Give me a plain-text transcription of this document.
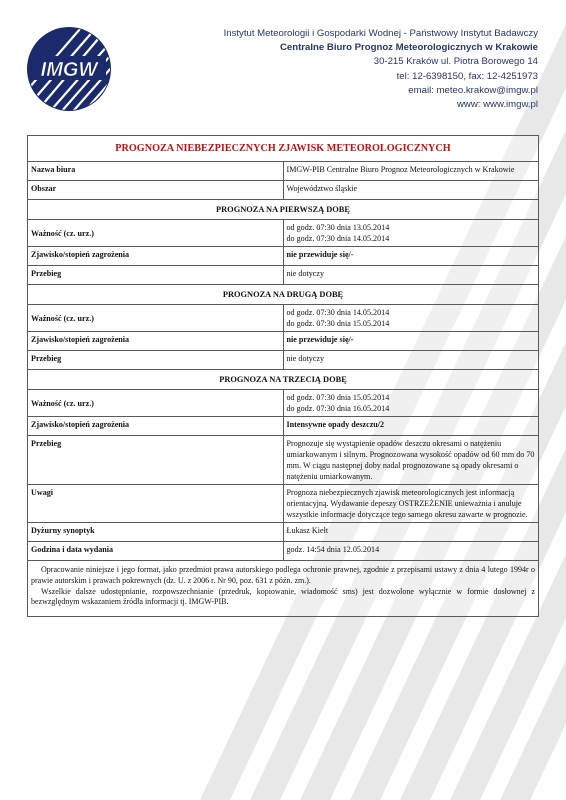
IMGW
Instytut Meteorologii i Gospodarki Wodnej - Państwowy Instytut Badawczy
Centralne Biuro Prognoz Meteorologicznych w Krakowie
30-215 Kraków ul. Piotra Borowego 14
tel: 12-6398150, fax: 12-4251973
email: meteo.krakow@imgw.pl
www: www.imgw.pl
PROGNOZA NIEBEZPIECZNYCH ZJAWISK METEOROLOGICZNYCH	
Nazwa biura	IMGW-PIB Centralne Biuro Prognoz Meteorologicznych w Krakowie
Obszar	Województwo śląskie
PROGNOZA NA PIERWSZĄ DOBĘ	
Ważność (cz. urz.)	od godz. 07:30 dnia 13.05.2014
do godz. 07:30 dnia 14.05.2014

Zjawisko/stopień zagrożenia	nie przewiduje się/-
Przebieg	nie dotyczy
PROGNOZA NA DRUGĄ DOBĘ	
Ważność (cz. urz.)	od godz. 07:30 dnia 14.05.2014
do godz. 07:30 dnia 15.05.2014

Zjawisko/stopień zagrożenia	nie przewiduje się/-
Przebieg	nie dotyczy
PROGNOZA NA TRZECIĄ DOBĘ	
Ważność (cz. urz.)	od godz. 07:30 dnia 15.05.2014
do godz. 07:30 dnia 16.05.2014

Zjawisko/stopień zagrożenia	Intensywne opady deszczu/2
Przebieg	Prognozuje się wystąpienie opadów deszczu okresami o natężeniu umiarkowanym i silnym. Prognozowana wysokość opadów od 60 mm do 70 mm. W ciągu następnej doby nadal prognozowane są opady okresami o natężeniu umiarkowanym.
Uwagi	Prognoza niebezpiecznych zjawisk meteorologicznych jest informacją orientacyjną. Wydawanie depeszy OSTRZEŻENIE unieważnia i anuluje wszystkie informacje dotyczące tego samego okresu zawarte w prognozie.
Dyżurny synoptyk	Łukasz Kiełt
Godzina i data wydania	godz. 14:54 dnia 12.05.2014

Opracowanie niniejsze i jego format, jako przedmiot prawa autorskiego podlega ochronie prawnej, zgodnie z przepisami ustawy z dnia 4 lutego 1994r o prawie autorskim i prawach pokrewnych (dz. U. z 2006 r. Nr 90, poz. 631 z późn. zm.).

Wszelkie dalsze udostępnianie, rozpowszechnianie (przedruk, kopiowanie, wiadomość sms) jest dozwolone wyłącznie w formie dosłownej z bezwzględnym wskazaniem źródła informacji tj. IMGW-PIB.	
